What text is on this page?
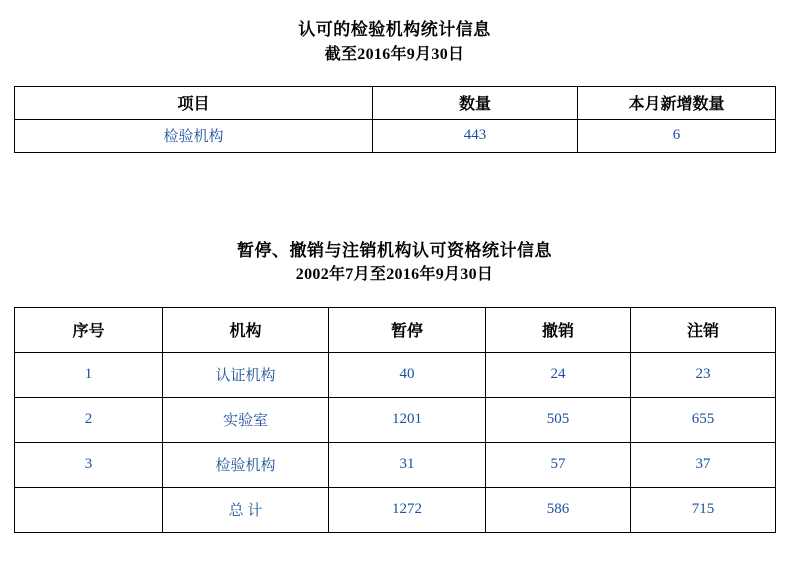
认可的检验机构统计信息
截至2016年9月30日
项目	数量	本月新增数量
检验机构	443	6
暂停、撤销与注销机构认可资格统计信息
2002年7月至2016年9月30日
序号	机构	暂停	撤销	注销
1	认证机构	40	24	23
2	实验室	1201	505	655
3	检验机构	31	57	37
	总 计	1272	586	715
